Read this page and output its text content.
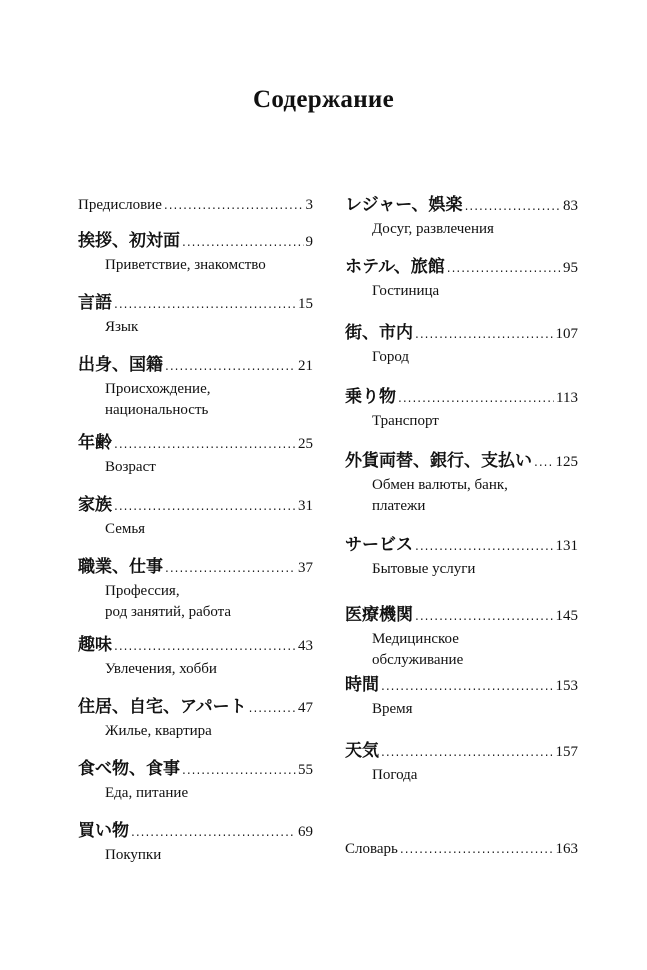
Содержание
Предисловие .....	3
挨拶、初対面 .....	9
Приветствие, знакомство
言語 .....	15
Язык
出身、国籍 .....	21
Происхождение,
национальность
年齢 .....	25
Возраст
家族 .....	31
Семья
職業、仕事 .....	37
Профессия,
род занятий, работа
趣味 .....	43
Увлечения, хобби
住居、自宅、アパート .....	47
Жилье, квартира
食べ物、食事 .....	55
Еда, питание
買い物 .....	69
Покупки
レジャー、娯楽 .....	83
Досуг, развлечения
ホテル、旅館 .....	95
Гостиница
街、市内 .....	107
Город
乗り物 .....	113
Транспорт
外貨両替、銀行、支払い ..... 125
Обмен валюты, банк,
платежи
サービス .....	131
Бытовые услуги
医療機関 .....	145
Медицинское
обслуживание
時間 .....	153
Время
天気 .....	157
Погода
Словарь .....	163
